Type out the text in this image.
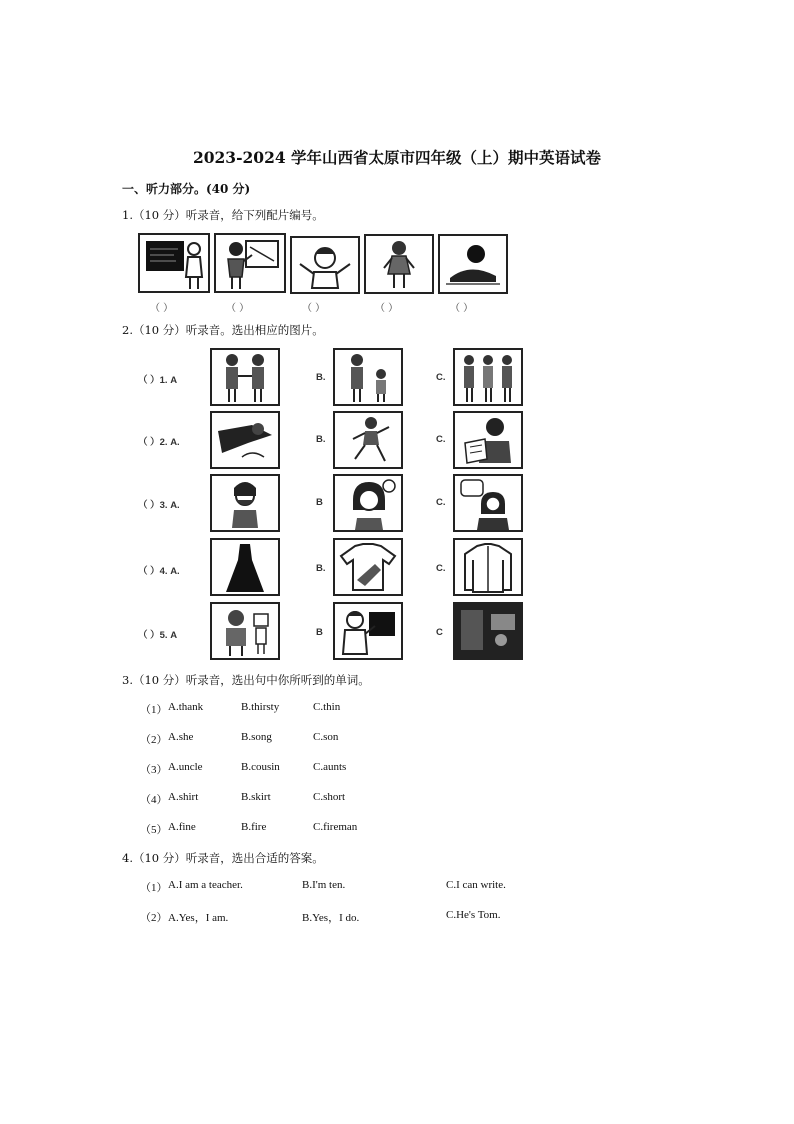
2023-2024 学年山西省太原市四年级（上）期中英语试卷
一、听力部分。(40 分)
1.（10 分）听录音，给下列配片编号。
（ ）	（ ）	（ ）	（ ）	（ ）
2.（10 分）听录音。选出相应的图片。
（ ）1. A	B.	C.
（ ）2. A.	B.	C.
（ ）3. A.	B	C.
（ ）4. A.	B.	C.
（ ）5. A	B	C
3.（10 分）听录音，选出句中你所听到的单词。
（1） A.thank	B.thirsty	C.thin
（2） A.she	B.song	C.son
（3） A.uncle	B.cousin	C.aunts
（4） A.shirt	B.skirt	C.short
（5） A.fine	B.fire	C.fireman
4.（10 分）听录音，选出合适的答案。
（1） A.I am a teacher.	B.I'm ten.	C.I can write.
（2） A.Yes，I am.	B.Yes，I do.	C.He's Tom.
